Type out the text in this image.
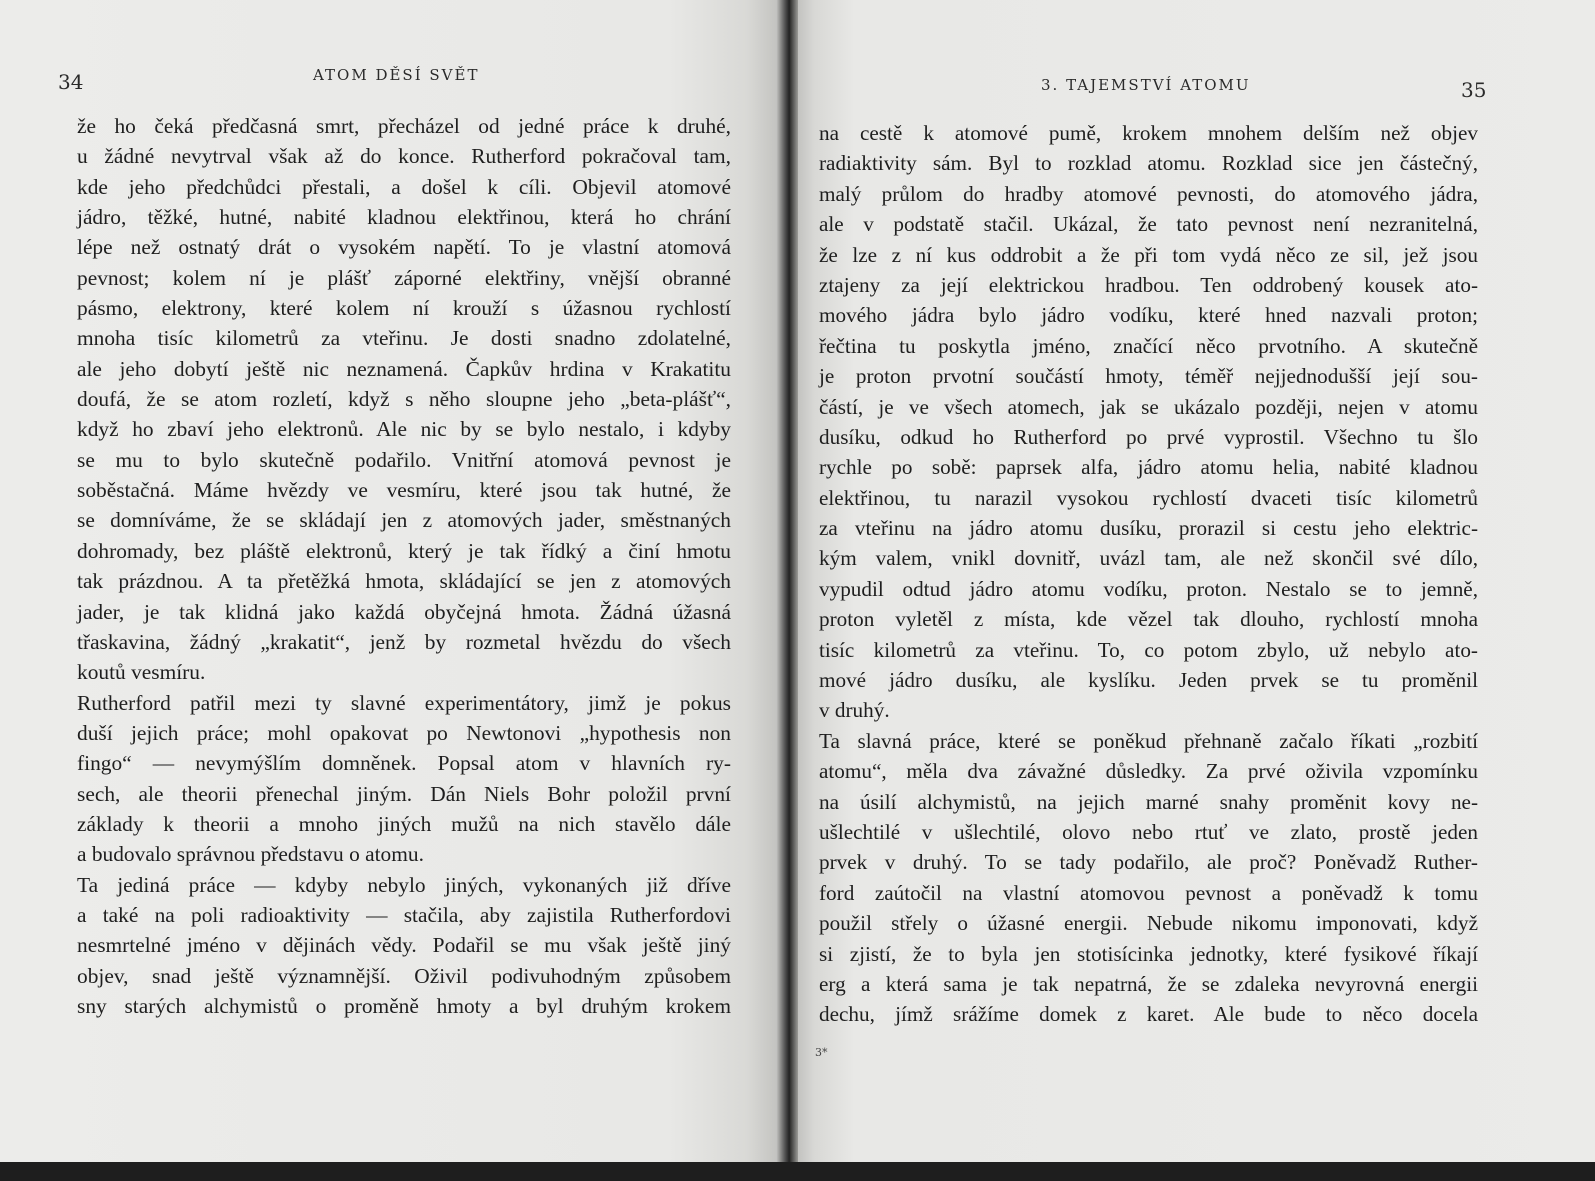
34	ATOM DĚSÍ SVĚT
že ho čeká předčasná smrt, přecházel od jedné práce k druhé,
u žádné nevytrval však až do konce. Rutherford pokračoval tam,
kde jeho předchůdci přestali, a došel k cíli. Objevil atomové
jádro, těžké, hutné, nabité kladnou elektřinou, která ho chrání
lépe než ostnatý drát o vysokém napětí. To je vlastní atomová
pevnost; kolem ní je plášť záporné elektřiny, vnější obranné
pásmo, elektrony, které kolem ní krouží s úžasnou rychlostí
mnoha tisíc kilometrů za vteřinu. Je dosti snadno zdolatelné,
ale jeho dobytí ještě nic neznamená. Čapkův hrdina v Krakatitu
doufá, že se atom rozletí, když s něho sloupne jeho „beta-plášť“,
když ho zbaví jeho elektronů. Ale nic by se bylo nestalo, i kdyby
se mu to bylo skutečně podařilo. Vnitřní atomová pevnost je
soběstačná. Máme hvězdy ve vesmíru, které jsou tak hutné, že
se domníváme, že se skládají jen z atomových jader, směstnaných
dohromady, bez pláště elektronů, který je tak řídký a činí hmotu
tak prázdnou. A ta přetěžká hmota, skládající se jen z atomových
jader, je tak klidná jako každá obyčejná hmota. Žádná úžasná
třaskavina, žádný „krakatit“, jenž by rozmetal hvězdu do všech
koutů vesmíru.
Rutherford patřil mezi ty slavné experimentátory, jimž je pokus
duší jejich práce; mohl opakovat po Newtonovi „hypothesis non
fingo“ — nevymýšlím domněnek. Popsal atom v hlavních ry-
sech, ale theorii přenechal jiným. Dán Niels Bohr položil první
základy k theorii a mnoho jiných mužů na nich stavělo dále
a budovalo správnou představu o atomu.
Ta jediná práce — kdyby nebylo jiných, vykonaných již dříve
a také na poli radioaktivity — stačila, aby zajistila Rutherfordovi
nesmrtelné jméno v dějinách vědy. Podařil se mu však ještě jiný
objev, snad ještě významnější. Oživil podivuhodným způsobem
sny starých alchymistů o proměně hmoty a byl druhým krokem
3. TAJEMSTVÍ ATOMU	35
na cestě k atomové pumě, krokem mnohem delším než objev
radiaktivity sám. Byl to rozklad atomu. Rozklad sice jen částečný,
malý průlom do hradby atomové pevnosti, do atomového jádra,
ale v podstatě stačil. Ukázal, že tato pevnost není nezranitelná,
že lze z ní kus oddrobit a že při tom vydá něco ze sil, jež jsou
ztajeny za její elektrickou hradbou. Ten oddrobený kousek ato-
mového jádra bylo jádro vodíku, které hned nazvali proton;
řečtina tu poskytla jméno, značící něco prvotního. A skutečně
je proton prvotní součástí hmoty, téměř nejjednodušší její sou-
částí, je ve všech atomech, jak se ukázalo později, nejen v atomu
dusíku, odkud ho Rutherford po prvé vyprostil. Všechno tu šlo
rychle po sobě: paprsek alfa, jádro atomu helia, nabité kladnou
elektřinou, tu narazil vysokou rychlostí dvaceti tisíc kilometrů
za vteřinu na jádro atomu dusíku, prorazil si cestu jeho elektric-
kým valem, vnikl dovnitř, uvázl tam, ale než skončil své dílo,
vypudil odtud jádro atomu vodíku, proton. Nestalo se to jemně,
proton vyletěl z místa, kde vězel tak dlouho, rychlostí mnoha
tisíc kilometrů za vteřinu. To, co potom zbylo, už nebylo ato-
mové jádro dusíku, ale kyslíku. Jeden prvek se tu proměnil
v druhý.
Ta slavná práce, které se poněkud přehnaně začalo říkati „rozbití
atomu“, měla dva závažné důsledky. Za prvé oživila vzpomínku
na úsilí alchymistů, na jejich marné snahy proměnit kovy ne-
ušlechtilé v ušlechtilé, olovo nebo rtuť ve zlato, prostě jeden
prvek v druhý. To se tady podařilo, ale proč? Poněvadž Ruther-
ford zaútočil na vlastní atomovou pevnost a poněvadž k tomu
použil střely o úžasné energii. Nebude nikomu imponovati, když
si zjistí, že to byla jen stotisícinka jednotky, které fysikové říkají
erg a která sama je tak nepatrná, že se zdaleka nevyrovná energii
dechu, jímž srážíme domek z karet. Ale bude to něco docela
3*
